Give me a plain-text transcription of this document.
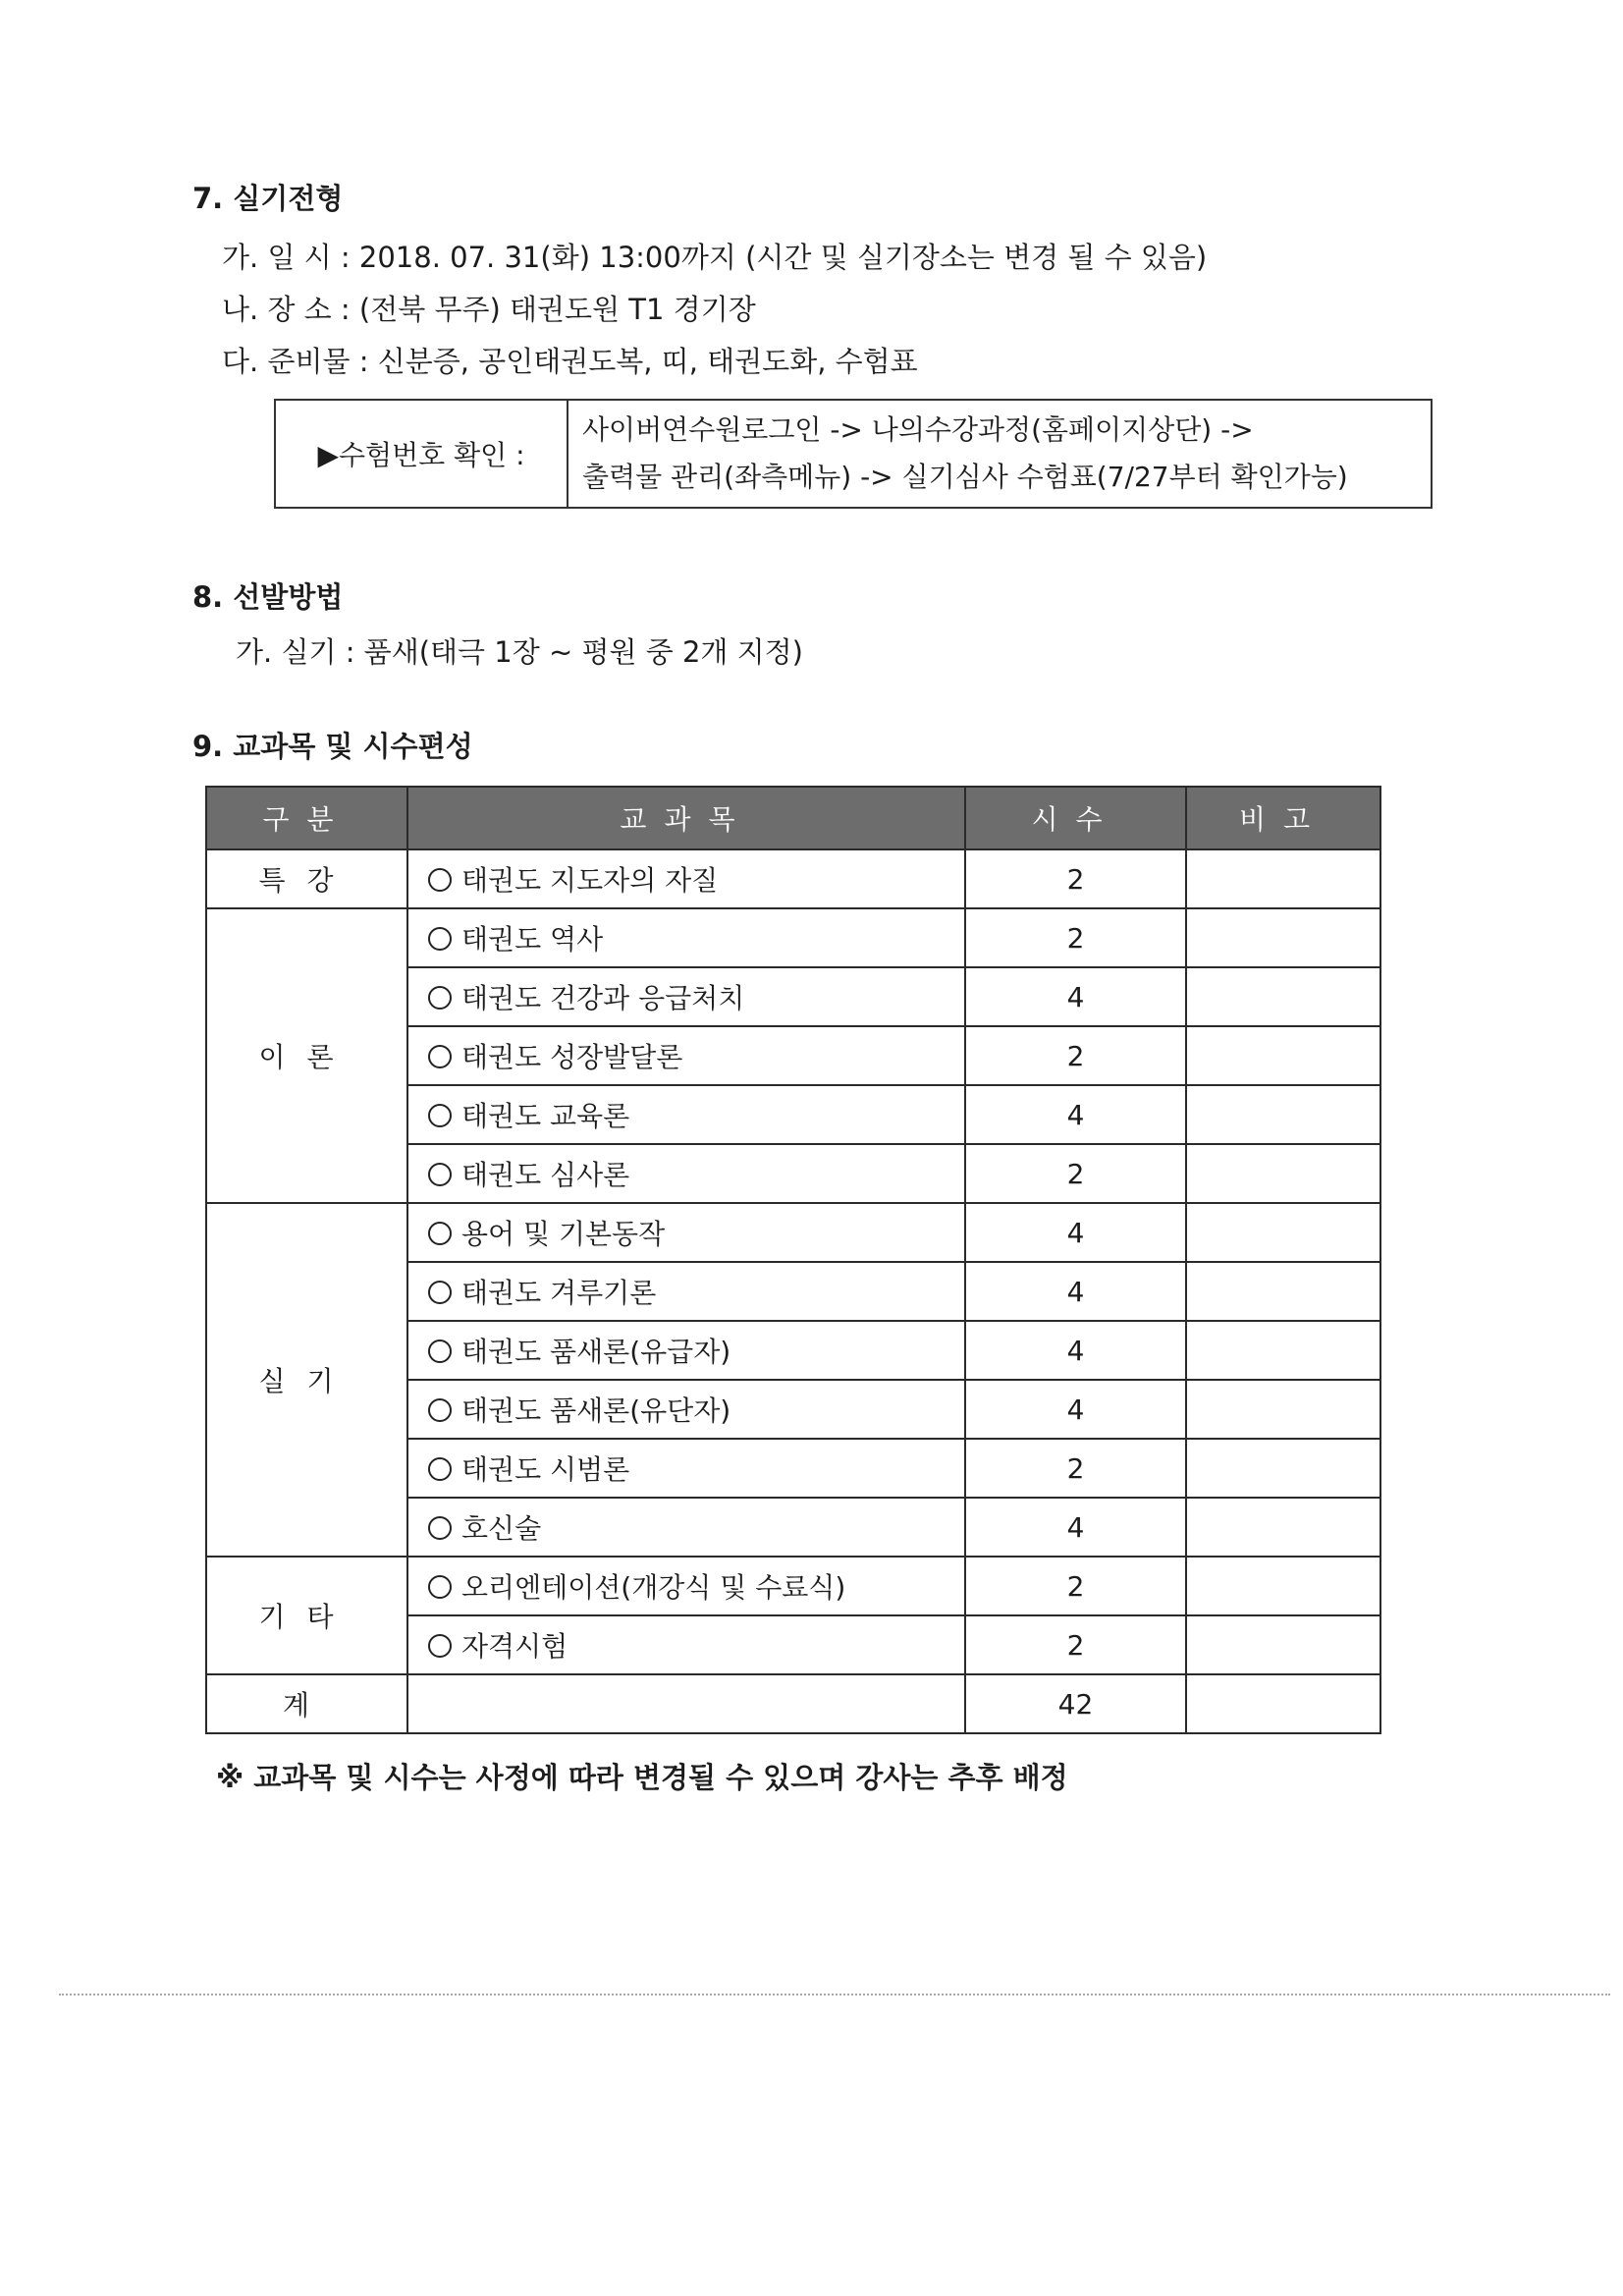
7. 실기전형
가. 일 시 : 2018. 07. 31(화) 13:00까지 (시간 및 실기장소는 변경 될 수 있음)
나. 장 소 : (전북 무주) 태권도원 T1 경기장
다. 준비물 : 신분증, 공인태권도복, 띠, 태권도화, 수험표
▶수험번호 확인 :
사이버연수원로그인 -> 나의수강과정(홈페이지상단) ->
출력물 관리(좌측메뉴) -> 실기심사 수험표(7/27부터 확인가능)
8. 선발방법
가. 실기 : 품새(태극 1장 ~ 평원 중 2개 지정)
9. 교과목 및 시수편성
구분	교과목	시수	비고
특강	태권도 지도자의 자질	2	
이론	태권도 역사	2	
	태권도 건강과 응급처치	4	
	태권도 성장발달론	2	
	태권도 교육론	4	
	태권도 심사론	2	
실기	용어 및 기본동작	4	
	태권도 겨루기론	4	
	태권도 품새론(유급자)	4	
	태권도 품새론(유단자)	4	
	태권도 시범론	2	
	호신술	4	
기타	오리엔테이션(개강식 및 수료식)	2	
	자격시험	2	
계		42	
※ 교과목 및 시수는 사정에 따라 변경될 수 있으며 강사는 추후 배정
